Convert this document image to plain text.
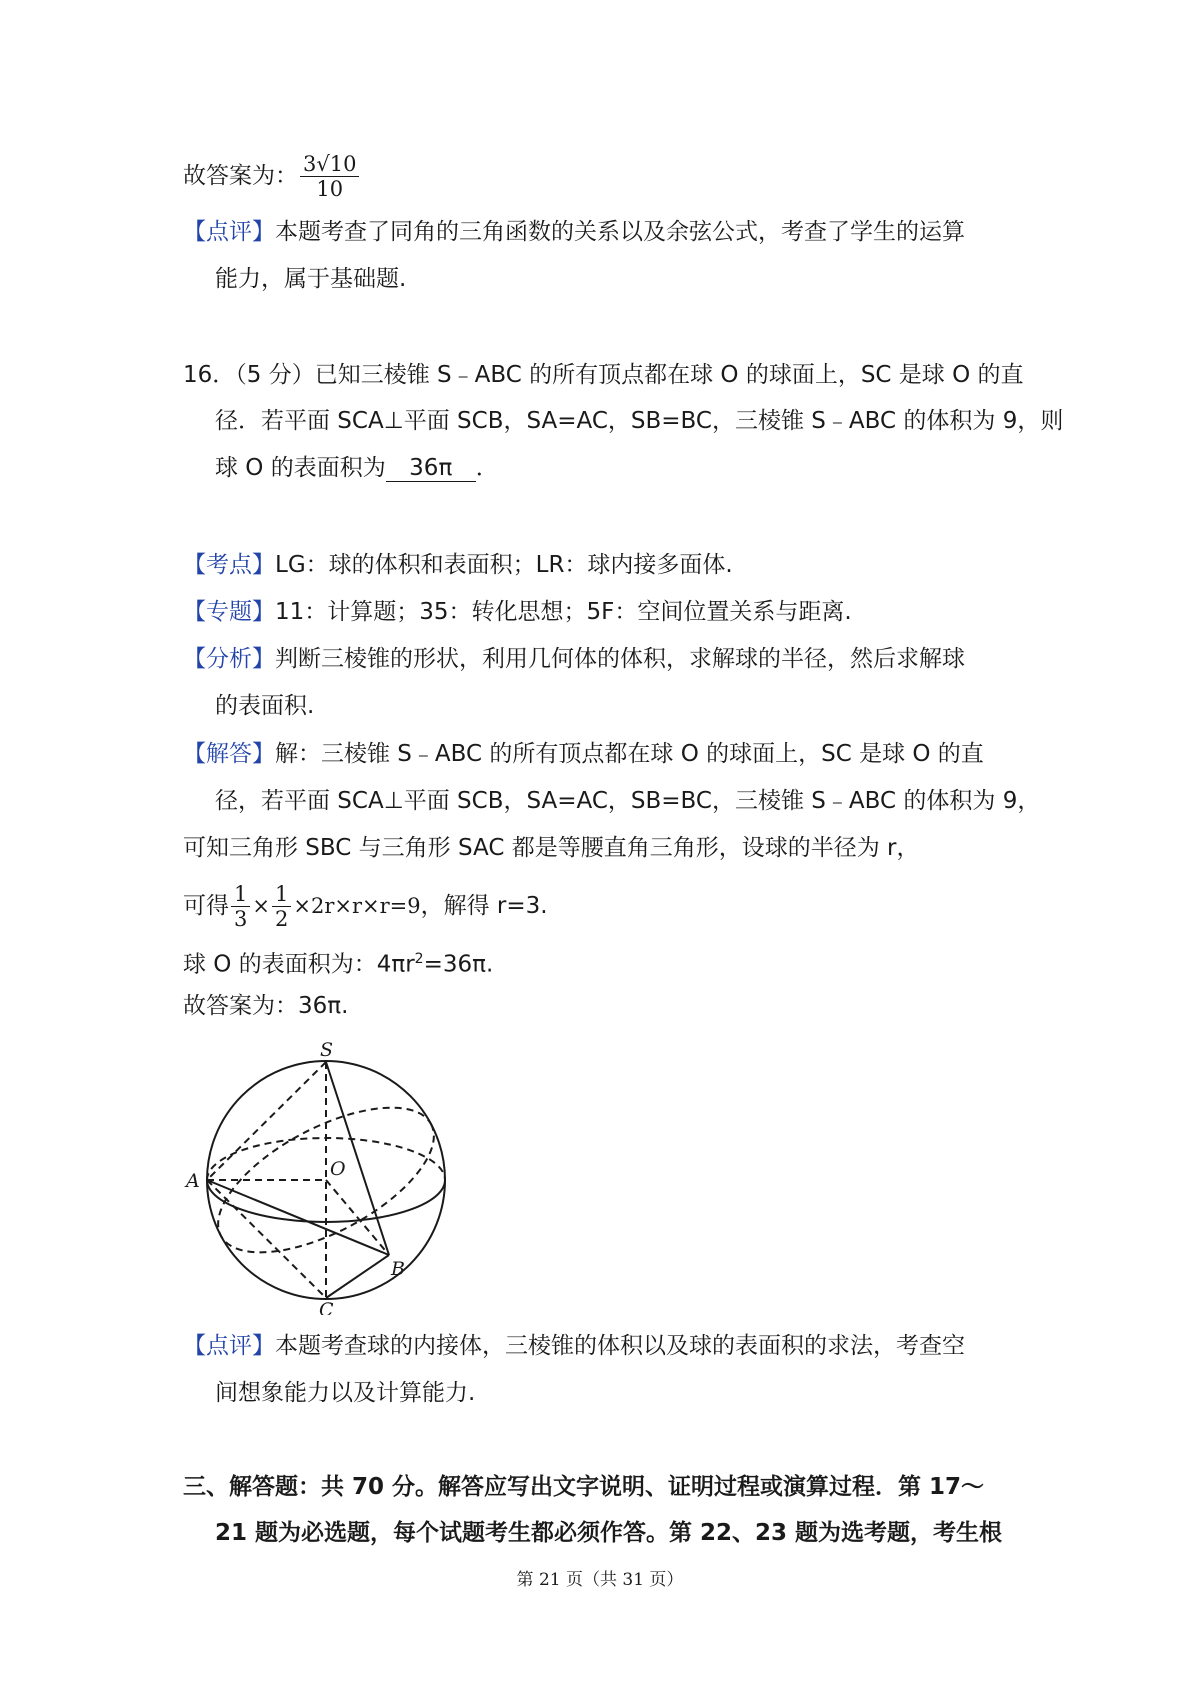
故答案为： $\frac{3√10}{10}$
【点评】本题考查了同角的三角函数的关系以及余弦公式，考查了学生的运算
能力，属于基础题.
16．（5 分）已知三棱锥 S﹣ABC 的所有顶点都在球 O 的球面上，SC 是球 O 的直
径．若平面 SCA⊥平面 SCB，SA=AC，SB=BC，三棱锥 S﹣ABC 的体积为 9，则
球 O 的表面积为 36π ．
【考点】LG：球的体积和表面积；LR：球内接多面体.
【专题】11：计算题；35：转化思想；5F：空间位置关系与距离.
【分析】判断三棱锥的形状，利用几何体的体积，求解球的半径，然后求解球
的表面积.
【解答】解：三棱锥 S﹣ABC 的所有顶点都在球 O 的球面上，SC 是球 O 的直
径，若平面 SCA⊥平面 SCB，SA=AC，SB=BC，三棱锥 S﹣ABC 的体积为 9，
可知三角形 SBC 与三角形 SAC 都是等腰直角三角形，设球的半径为 r，
可得 $\frac{1}{3} \times \frac{1}{2} \times 2r\times r\times r=9$，解得 r=3.
球 O 的表面积为：$4\pi r^2=36\pi$.
故答案为：36π.
S
O
A
B
C
【点评】本题考查球的内接体，三棱锥的体积以及球的表面积的求法，考查空
间想象能力以及计算能力.
三、解答题：共 70 分。解答应写出文字说明、证明过程或演算过程．第 17～
21 题为必选题，每个试题考生都必须作答。第 22、23 题为选考题，考生根
第 21 页（共 31 页）
